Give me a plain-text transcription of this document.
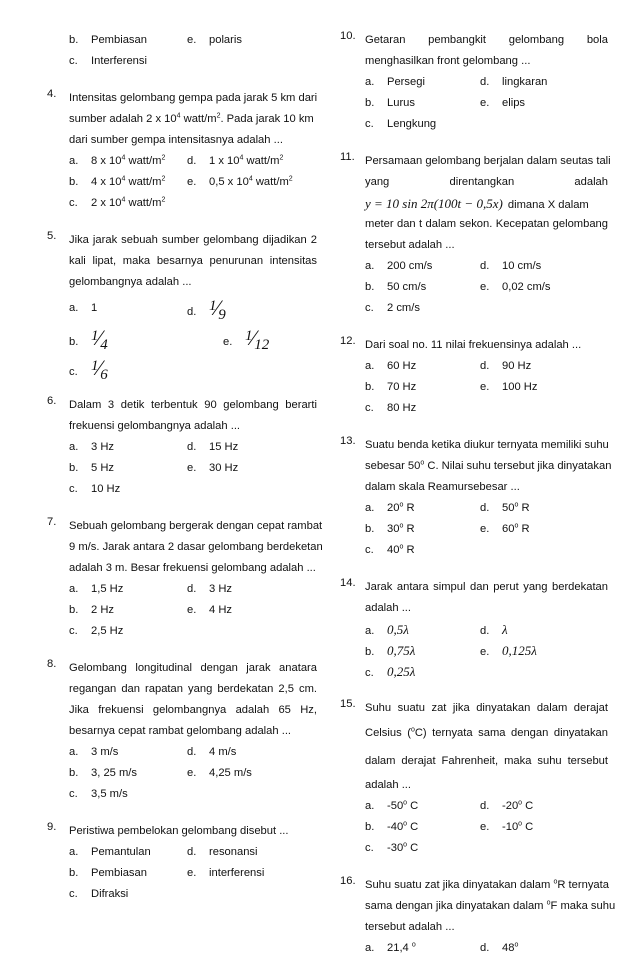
b. Pembiasan	e. polaris
c. Interferensi
4. Intensitas gelombang gempa pada jarak 5 km dari
sumber adalah 2 x $10^4$ watt/$m^2$. Pada jarak 10 km
dari sumber gempa intensitasnya adalah ...
a. 8 x $10^4$ watt/$m^2$ d. 1 x $10^4$ watt/$m^2$
b. 4 x $10^4$ watt/$m^2$ e. 0,5 x $10^4$ watt/$m^2$
c. 2 x $10^4$ watt/$m^2$
5. Jika jarak sebuah sumber gelombang dijadikan 2
kali lipat, maka besarnya penurunan intensitas
gelombangnya adalah ...
a. 1	d. $^1⁄_9$
b. $^1⁄_4$	e. $^1⁄_{12}$
c. $^1⁄_6$
6. Dalam 3 detik terbentuk 90 gelombang berarti
frekuensi gelombangnya adalah ...
a. 3 Hz	d. 15 Hz
b. 5 Hz	e. 30 Hz
c. 10 Hz
7. Sebuah gelombang bergerak dengan cepat rambat
9 m/s. Jarak antara 2 dasar gelombang berdeketan
adalah 3 m. Besar frekuensi gelombang adalah ...
a. 1,5 Hz	d. 3 Hz
b. 2 Hz	e. 4 Hz
c. 2,5 Hz
8. Gelombang longitudinal dengan jarak anatara
regangan dan rapatan yang berdekatan 2,5 cm.
Jika frekuensi gelombangnya adalah 65 Hz,
besarnya cepat rambat gelombang adalah ...
a. 3 m/s	d. 4 m/s
b. 3, 25 m/s	e. 4,25 m/s
c. 3,5 m/s
9. Peristiwa pembelokan gelombang disebut ...
a. Pemantulan	d. resonansi
b. Pembiasan	e. interferensi
c. Difraksi
10. Getaran pembangkit gelombang bola
menghasilkan front gelombang ...
a. Persegi	d. lingkaran
b. Lurus	e. elips
c. Lengkung
11. Persamaan gelombang berjalan dalam seutas tali
yang direntangkan adalah
y = 10 sin 2π(100t − 0,5x) dimana X dalam
meter dan t dalam sekon. Kecepatan gelombang
tersebut adalah ...
a. 200 cm/s	d. 10 cm/s
b. 50 cm/s	e. 0,02 cm/s
c. 2 cm/s
12. Dari soal no. 11 nilai frekuensinya adalah ...
a. 60 Hz	d. 90 Hz
b. 70 Hz	e. 100 Hz
c. 80 Hz
13. Suatu benda ketika diukur ternyata memiliki suhu
sebesar 50$^o$ C. Nilai suhu tersebut jika dinyatakan
dalam skala Reamursebesar ...
a. 20$^o$ R	d. 50$^o$ R
b. 30$^o$ R	e. 60$^o$ R
c. 40$^o$ R
14. Jarak antara simpul dan perut yang berdekatan
adalah ...
a. 0,5λ	d. λ
b. 0,75λ	e. 0,125λ
c. 0,25λ
15. Suhu suatu zat jika dinyatakan dalam derajat
Celsius ($^o$C) ternyata sama dengan dinyatakan
dalam derajat Fahrenheit, maka suhu tersebut
adalah ...
a. -50$^o$ C	d. -20$^o$ C
b. -40$^o$ C	e. -10$^o$ C
c. -30$^o$ C
16. Suhu suatu zat jika dinyatakan dalam $^o$R ternyata
sama dengan jika dinyatakan dalam $^o$F maka suhu
tersebut adalah ...
a. 21,4 $^o$	d. 48$^o$
